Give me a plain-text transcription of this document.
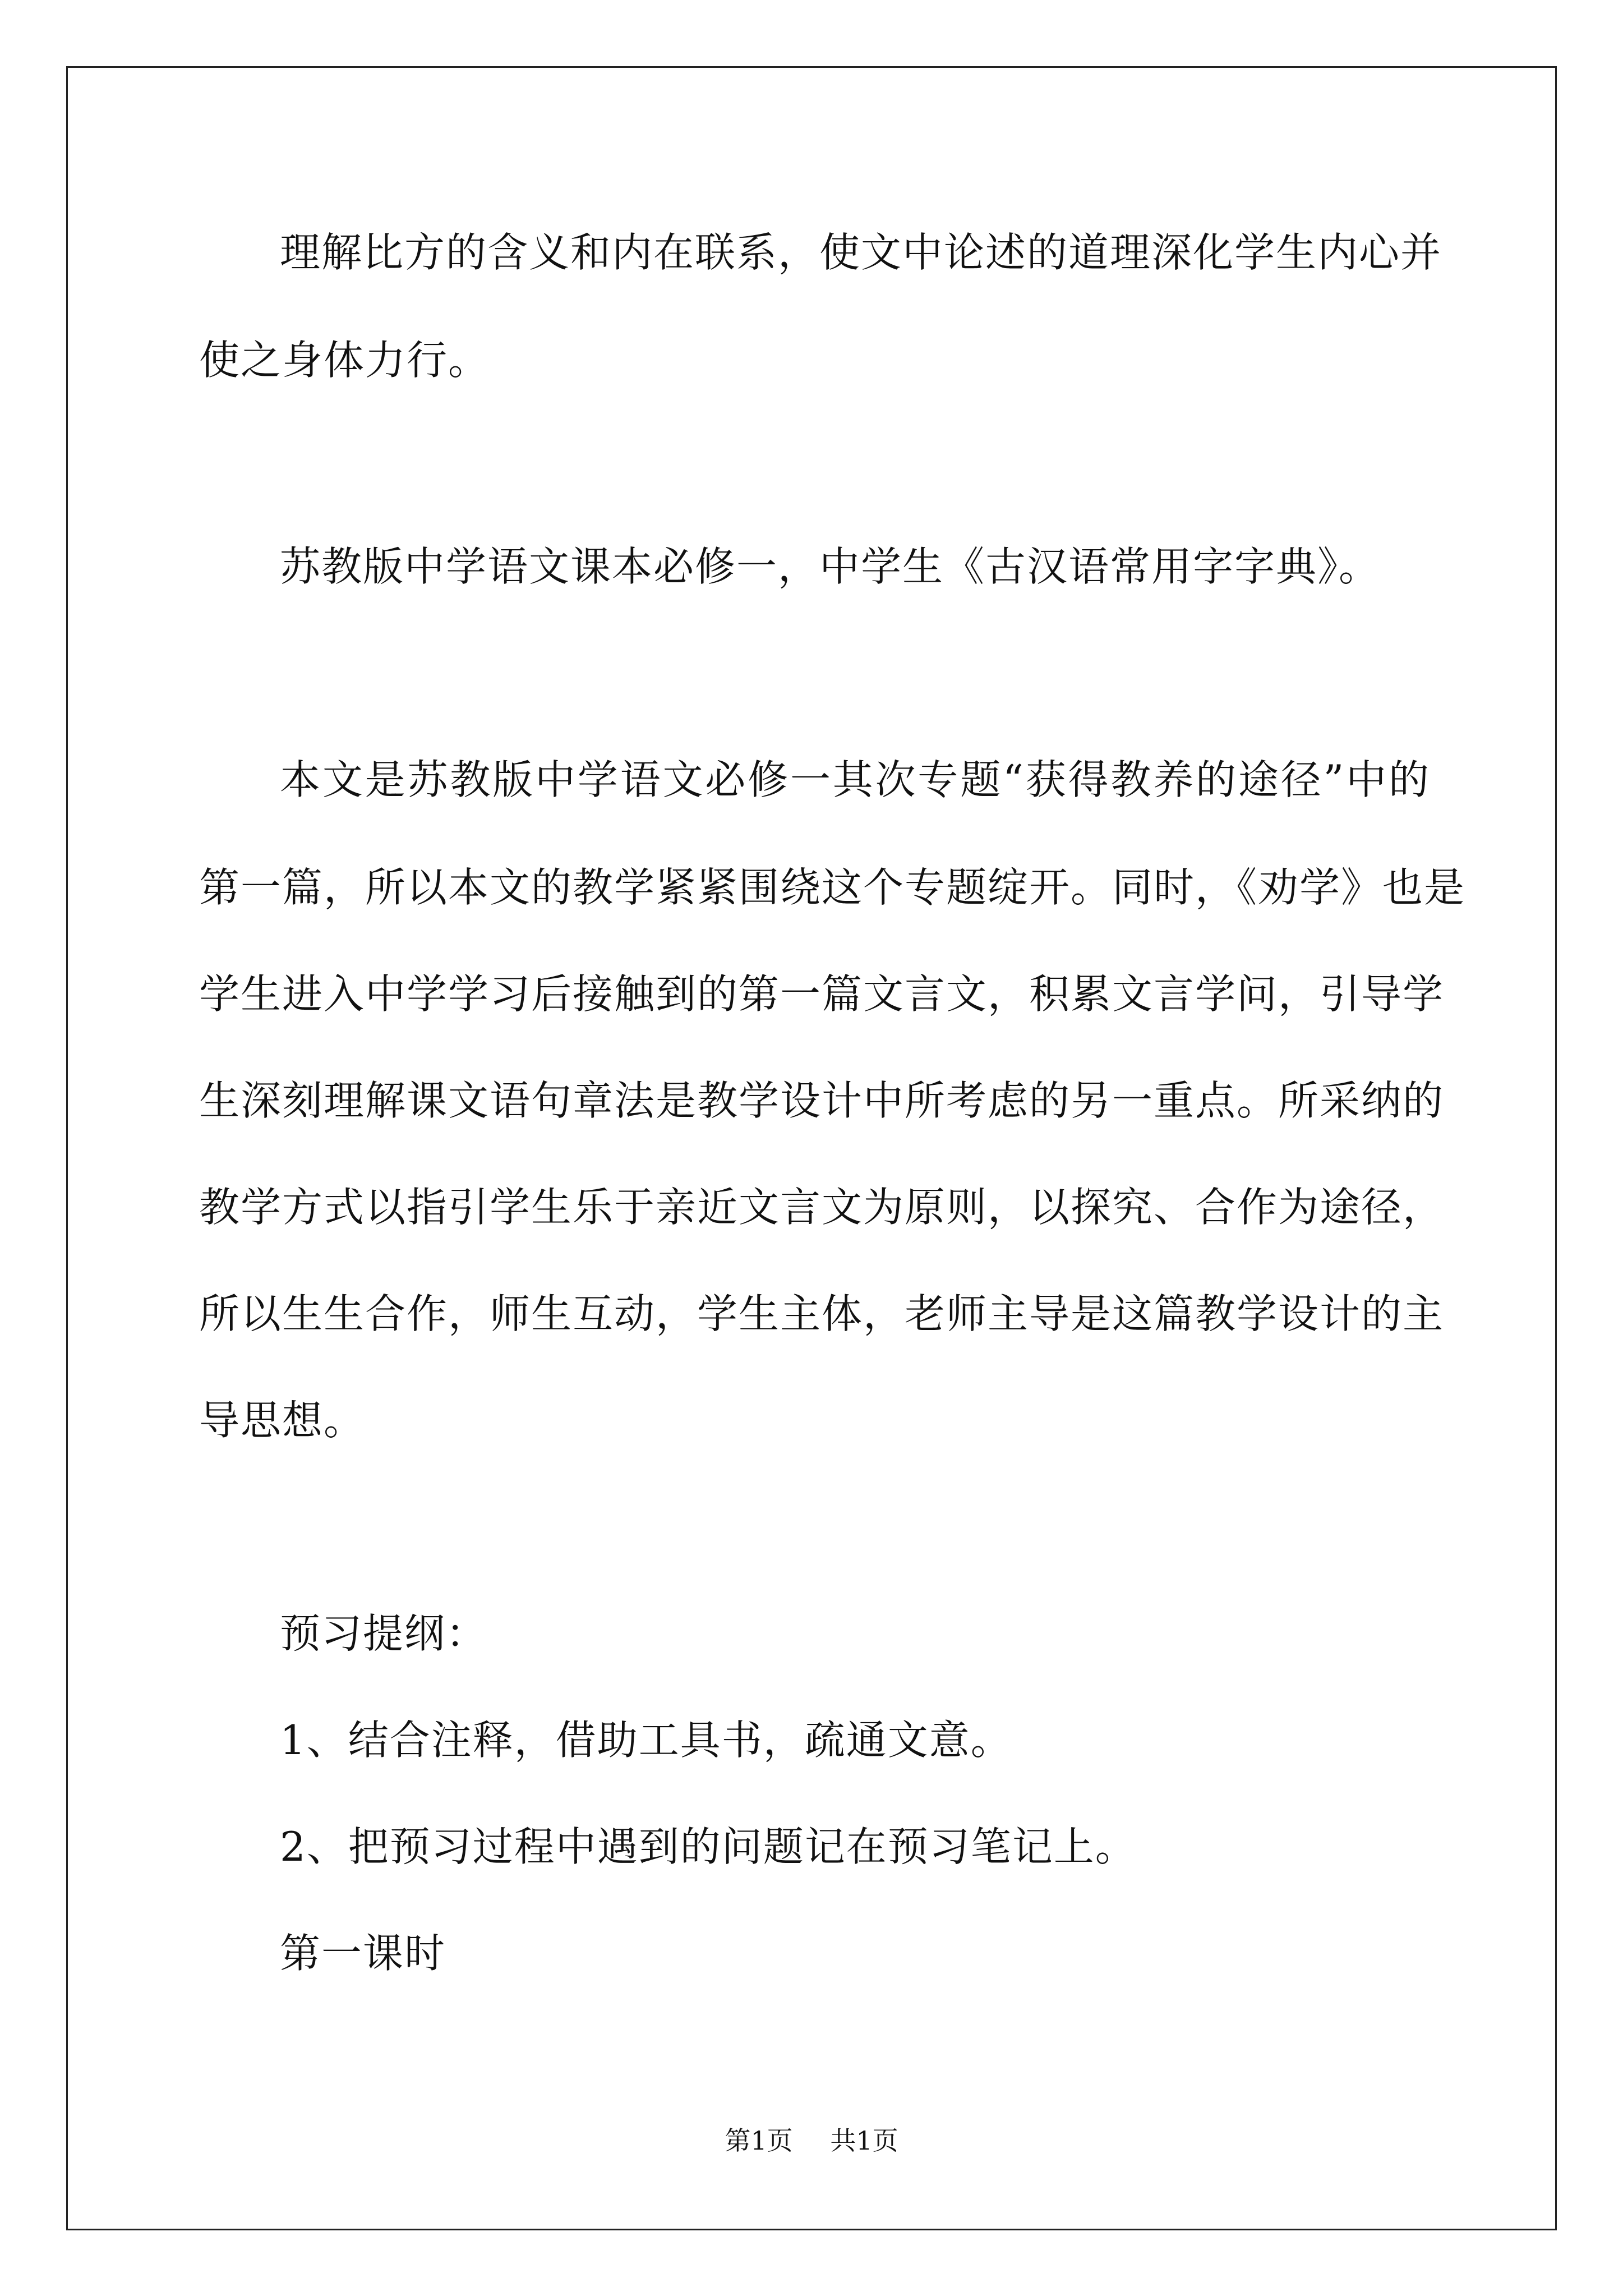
理解比方的含义和内在联系，使文中论述的道理深化学生内心并
使之身体力行。
苏教版中学语文课本必修一，中学生《古汉语常用字字典》。
本文是苏教版中学语文必修一其次专题“获得教养的途径”中的
第一篇，所以本文的教学紧紧围绕这个专题绽开。同时，《劝学》也是
学生进入中学学习后接触到的第一篇文言文，积累文言学问，引导学
生深刻理解课文语句章法是教学设计中所考虑的另一重点。所采纳的
教学方式以指引学生乐于亲近文言文为原则，以探究、合作为途径，
所以生生合作，师生互动，学生主体，老师主导是这篇教学设计的主
导思想。
预习提纲：
1、结合注释，借助工具书，疏通文意。
2、把预习过程中遇到的问题记在预习笔记上。
第一课时
第1页 共1页
